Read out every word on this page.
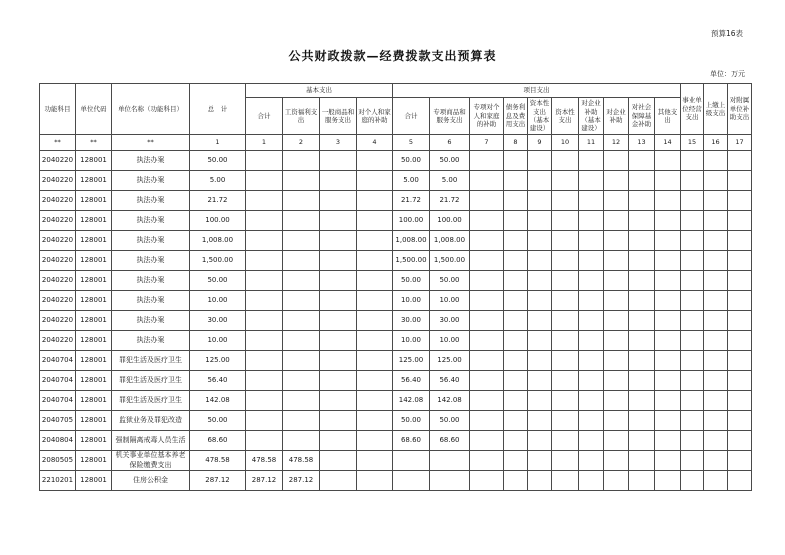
预算16表
公共财政拨款—经费拨款支出预算表
单位：万元
功能科目	单位代码	单位名称（功能科目）	总　计	基本支出				项目支出										事业单位经营支出	上缴上级支出	对附属单位补助支出
				合计	工资福利支出	一般商品和服务支出	对个人和家庭的补助	合计	专项商品和服务支出	专项对个人和家庭的补助	债务利息及费用支出	资本性支出（基本建设）	资本性支出	对企业补助（基本建设）	对企业补助	对社会保障基金补助	其他支出			
**	**	**	1	1	2	3	4	5	6	7	8	9	10	11	12	13	14	15	16	17
2040220	128001	执法办案	50.00					50.00	50.00											
2040220	128001	执法办案	5.00					5.00	5.00											
2040220	128001	执法办案	21.72					21.72	21.72											
2040220	128001	执法办案	100.00					100.00	100.00											
2040220	128001	执法办案	1,008.00					1,008.00	1,008.00											
2040220	128001	执法办案	1,500.00					1,500.00	1,500.00											
2040220	128001	执法办案	50.00					50.00	50.00											
2040220	128001	执法办案	10.00					10.00	10.00											
2040220	128001	执法办案	30.00					30.00	30.00											
2040220	128001	执法办案	10.00					10.00	10.00											
2040704	128001	罪犯生活及医疗卫生	125.00					125.00	125.00											
2040704	128001	罪犯生活及医疗卫生	56.40					56.40	56.40											
2040704	128001	罪犯生活及医疗卫生	142.08					142.08	142.08											
2040705	128001	监狱业务及罪犯改造	50.00					50.00	50.00											
2040804	128001	强制隔离戒毒人员生活	68.60					68.60	68.60											
2080505	128001	机关事业单位基本养老保险缴费支出	478.58	478.58	478.58															
2210201	128001	住房公积金	287.12	287.12	287.12															
